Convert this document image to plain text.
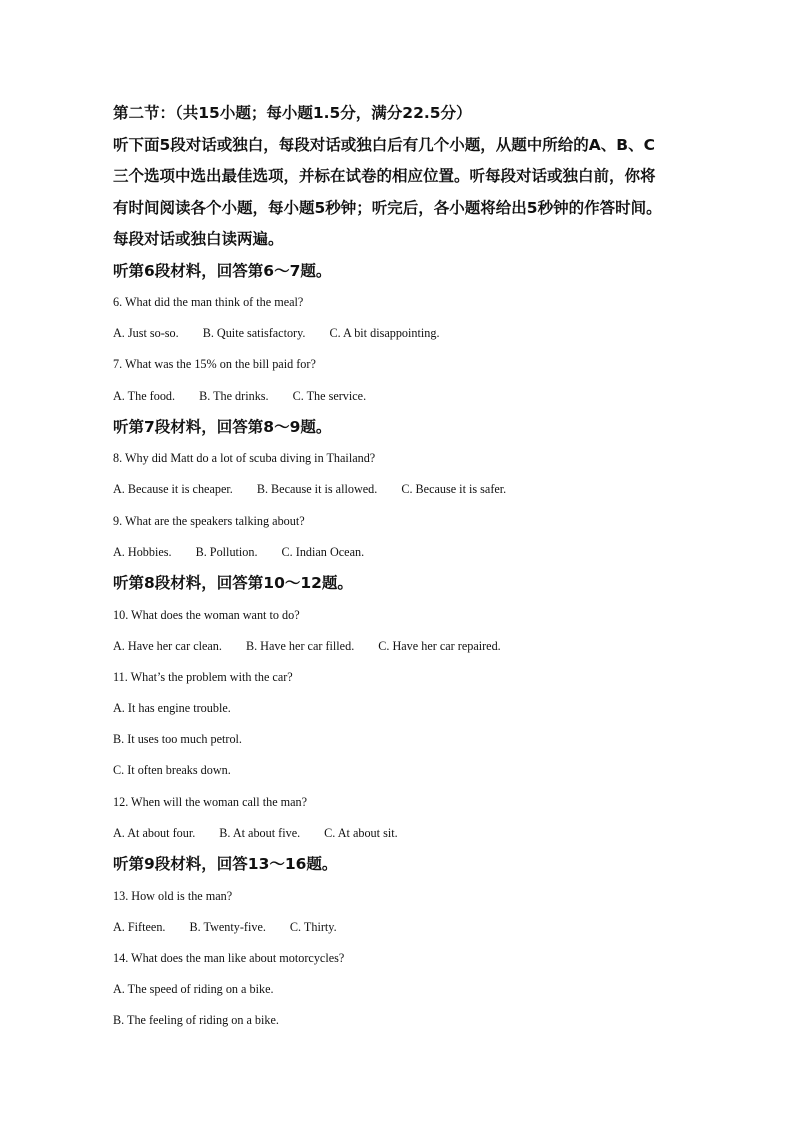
第二节：（共15小题；每小题1.5分，满分22.5分）
听下面5段对话或独白，每段对话或独白后有几个小题，从题中所给的A、B、C
三个选项中选出最佳选项，并标在试卷的相应位置。听每段对话或独白前，你将
有时间阅读各个小题，每小题5秒钟；听完后，各小题将给出5秒钟的作答时间。
每段对话或独白读两遍。
听第6段材料，回答第6～7题。
6. What did the man think of the meal?
A. Just so-so. B. Quite satisfactory. C. A bit disappointing.
7. What was the 15% on the bill paid for?
A. The food. B. The drinks. C. The service.
听第7段材料，回答第8～9题。
8. Why did Matt do a lot of scuba diving in Thailand?
A. Because it is cheaper. B. Because it is allowed. C. Because it is safer.
9. What are the speakers talking about?
A. Hobbies. B. Pollution. C. Indian Ocean.
听第8段材料，回答第10～12题。
10. What does the woman want to do?
A. Have her car clean. B. Have her car filled. C. Have her car repaired.
11. What’s the problem with the car?
A. It has engine trouble.
B. It uses too much petrol.
C. It often breaks down.
12. When will the woman call the man?
A. At about four. B. At about five. C. At about sit.
听第9段材料，回答13～16题。
13. How old is the man?
A. Fifteen. B. Twenty-five. C. Thirty.
14. What does the man like about motorcycles?
A. The speed of riding on a bike.
B. The feeling of riding on a bike.
